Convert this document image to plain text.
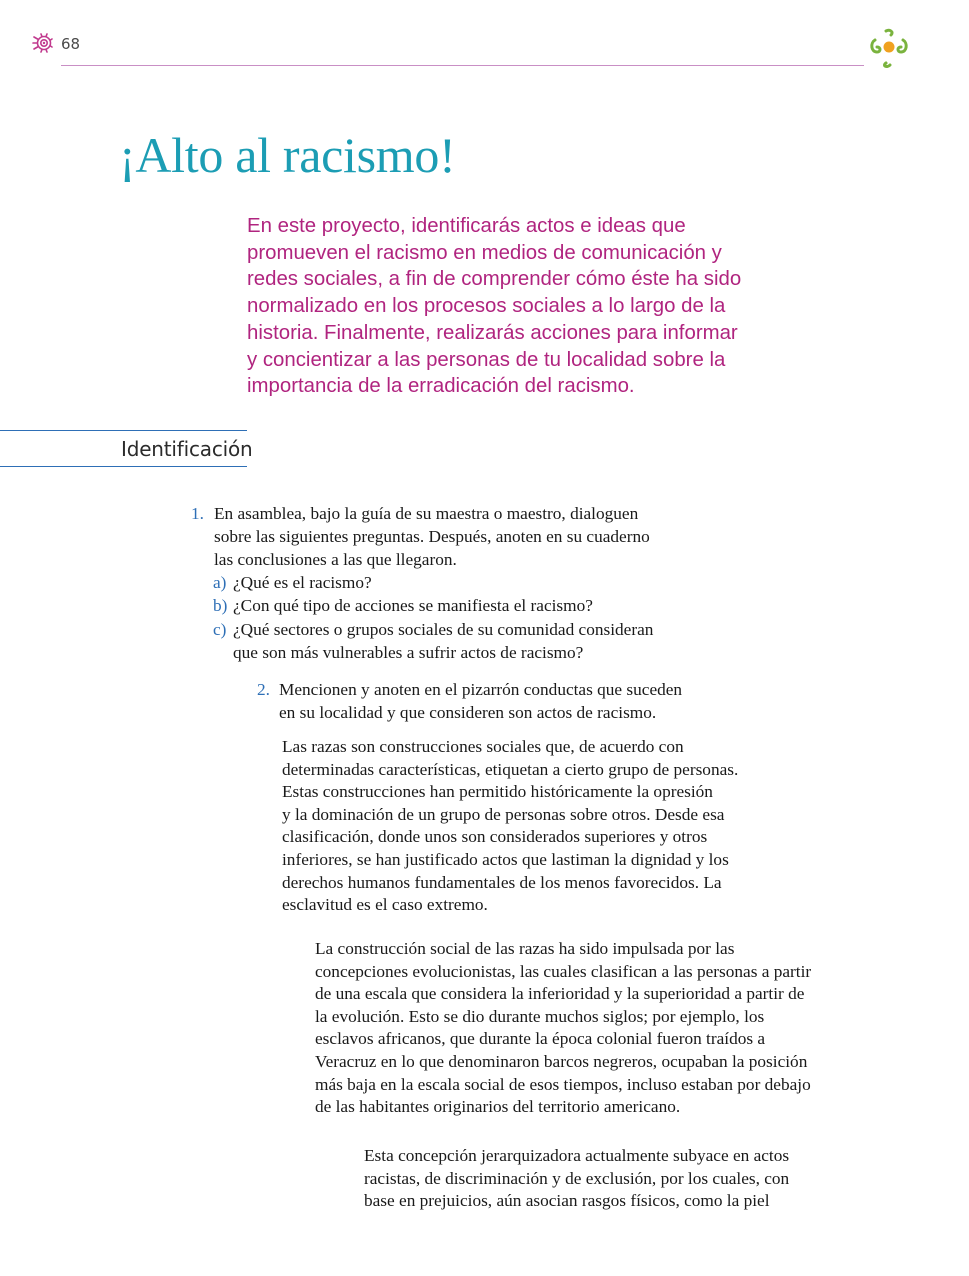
68
¡Alto al racismo!
En este proyecto, identificarás actos e ideas que
promueven el racismo en medios de comunicación y
redes sociales, a fin de comprender cómo éste ha sido
normalizado en los procesos sociales a lo largo de la
historia. Finalmente, realizarás acciones para informar
y concientizar a las personas de tu localidad sobre la
importancia de la erradicación del racismo.
Identificación
1. En asamblea, bajo la guía de su maestra o maestro, dialoguen
sobre las siguientes preguntas. Después, anoten en su cuaderno
las conclusiones a las que llegaron.
a) ¿Qué es el racismo?
b) ¿Con qué tipo de acciones se manifiesta el racismo?
c) ¿Qué sectores o grupos sociales de su comunidad consideran
que son más vulnerables a sufrir actos de racismo?
2. Mencionen y anoten en el pizarrón conductas que suceden
en su localidad y que consideren son actos de racismo.
Las razas son construcciones sociales que, de acuerdo con
determinadas características, etiquetan a cierto grupo de personas.
Estas construcciones han permitido históricamente la opresión
y la dominación de un grupo de personas sobre otros. Desde esa
clasificación, donde unos son considerados superiores y otros
inferiores, se han justificado actos que lastiman la dignidad y los
derechos humanos fundamentales de los menos favorecidos. La
esclavitud es el caso extremo.
La construcción social de las razas ha sido impulsada por las
concepciones evolucionistas, las cuales clasifican a las personas a partir
de una escala que considera la inferioridad y la superioridad a partir de
la evolución. Esto se dio durante muchos siglos; por ejemplo, los
esclavos africanos, que durante la época colonial fueron traídos a
Veracruz en lo que denominaron barcos negreros, ocupaban la posición
más baja en la escala social de esos tiempos, incluso estaban por debajo
de las habitantes originarios del territorio americano.
Esta concepción jerarquizadora actualmente subyace en actos
racistas, de discriminación y de exclusión, por los cuales, con
base en prejuicios, aún asocian rasgos físicos, como la piel
